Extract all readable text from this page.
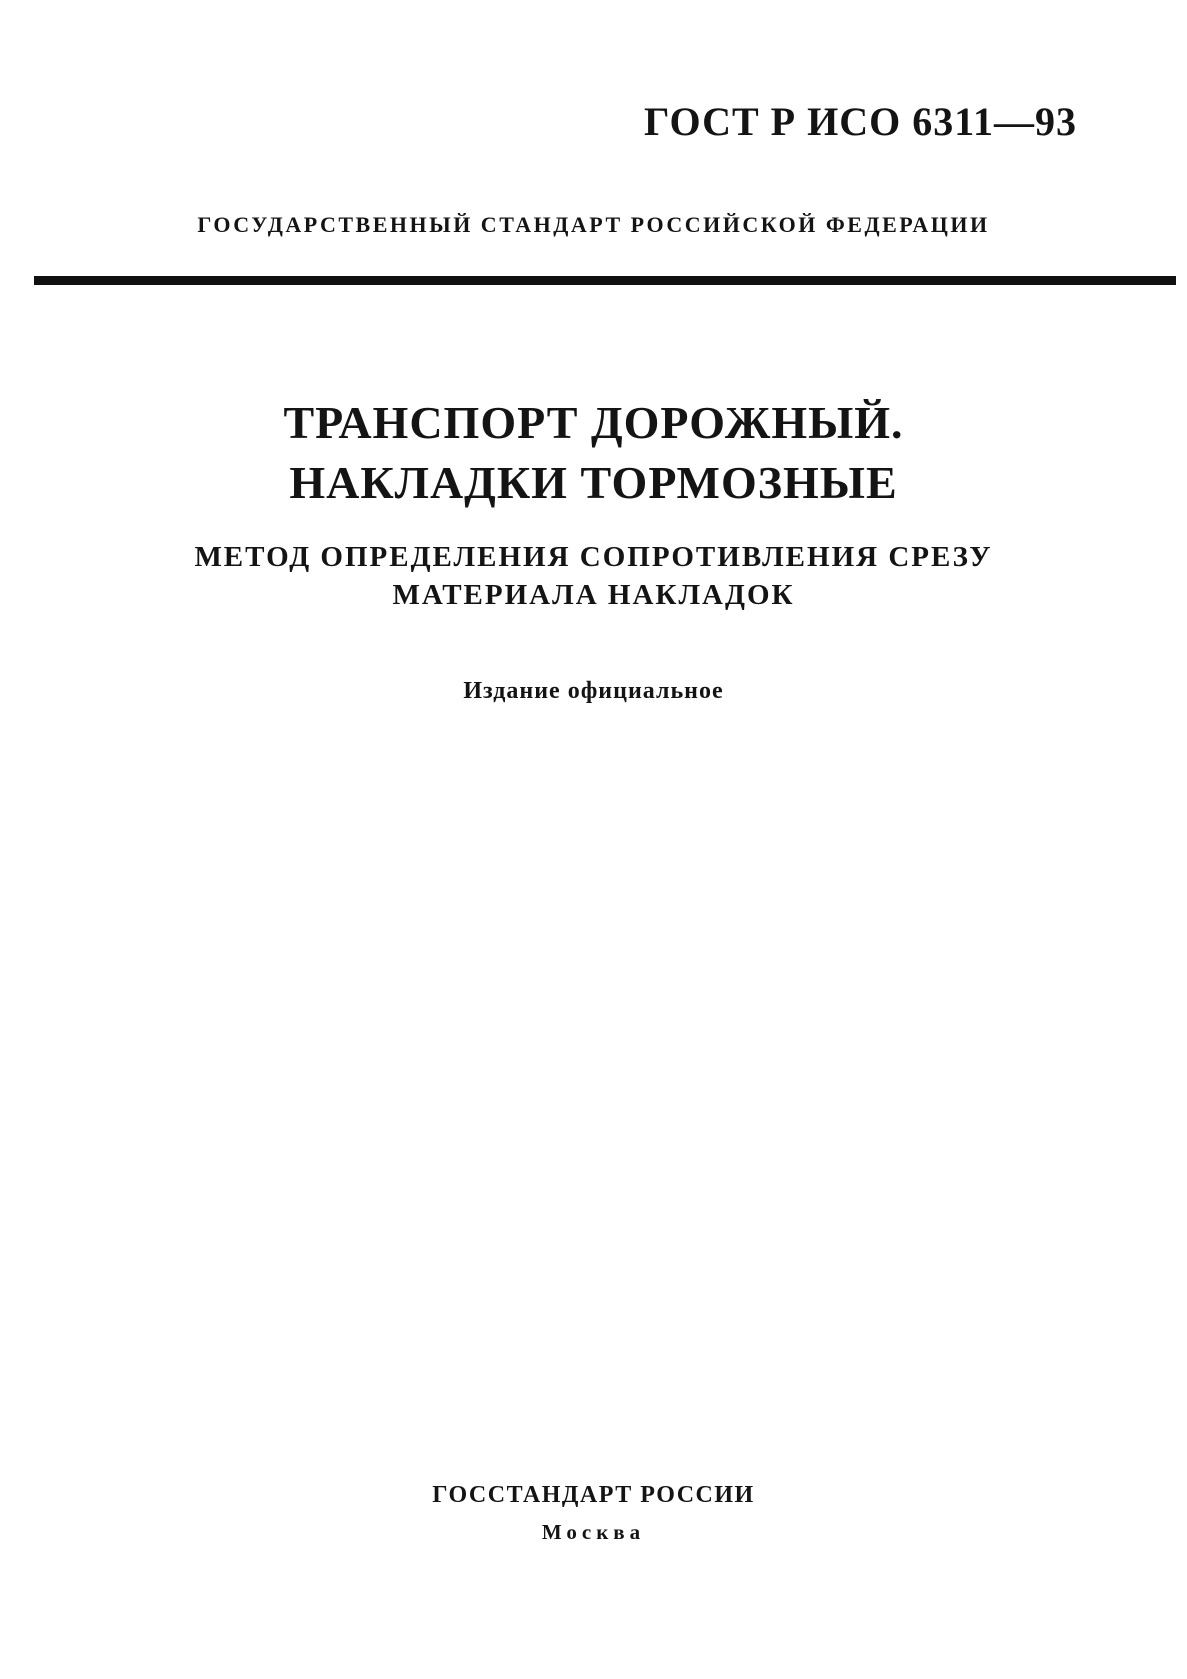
ГОСТ Р ИСО 6311—93
ГОСУДАРСТВЕННЫЙ СТАНДАРТ РОССИЙСКОЙ ФЕДЕРАЦИИ
ТРАНСПОРТ ДОРОЖНЫЙ.
НАКЛАДКИ ТОРМОЗНЫЕ
МЕТОД ОПРЕДЕЛЕНИЯ СОПРОТИВЛЕНИЯ СРЕЗУ
МАТЕРИАЛА НАКЛАДОК
Издание официальное
ГОССТАНДАРТ РОССИИ
Москва
